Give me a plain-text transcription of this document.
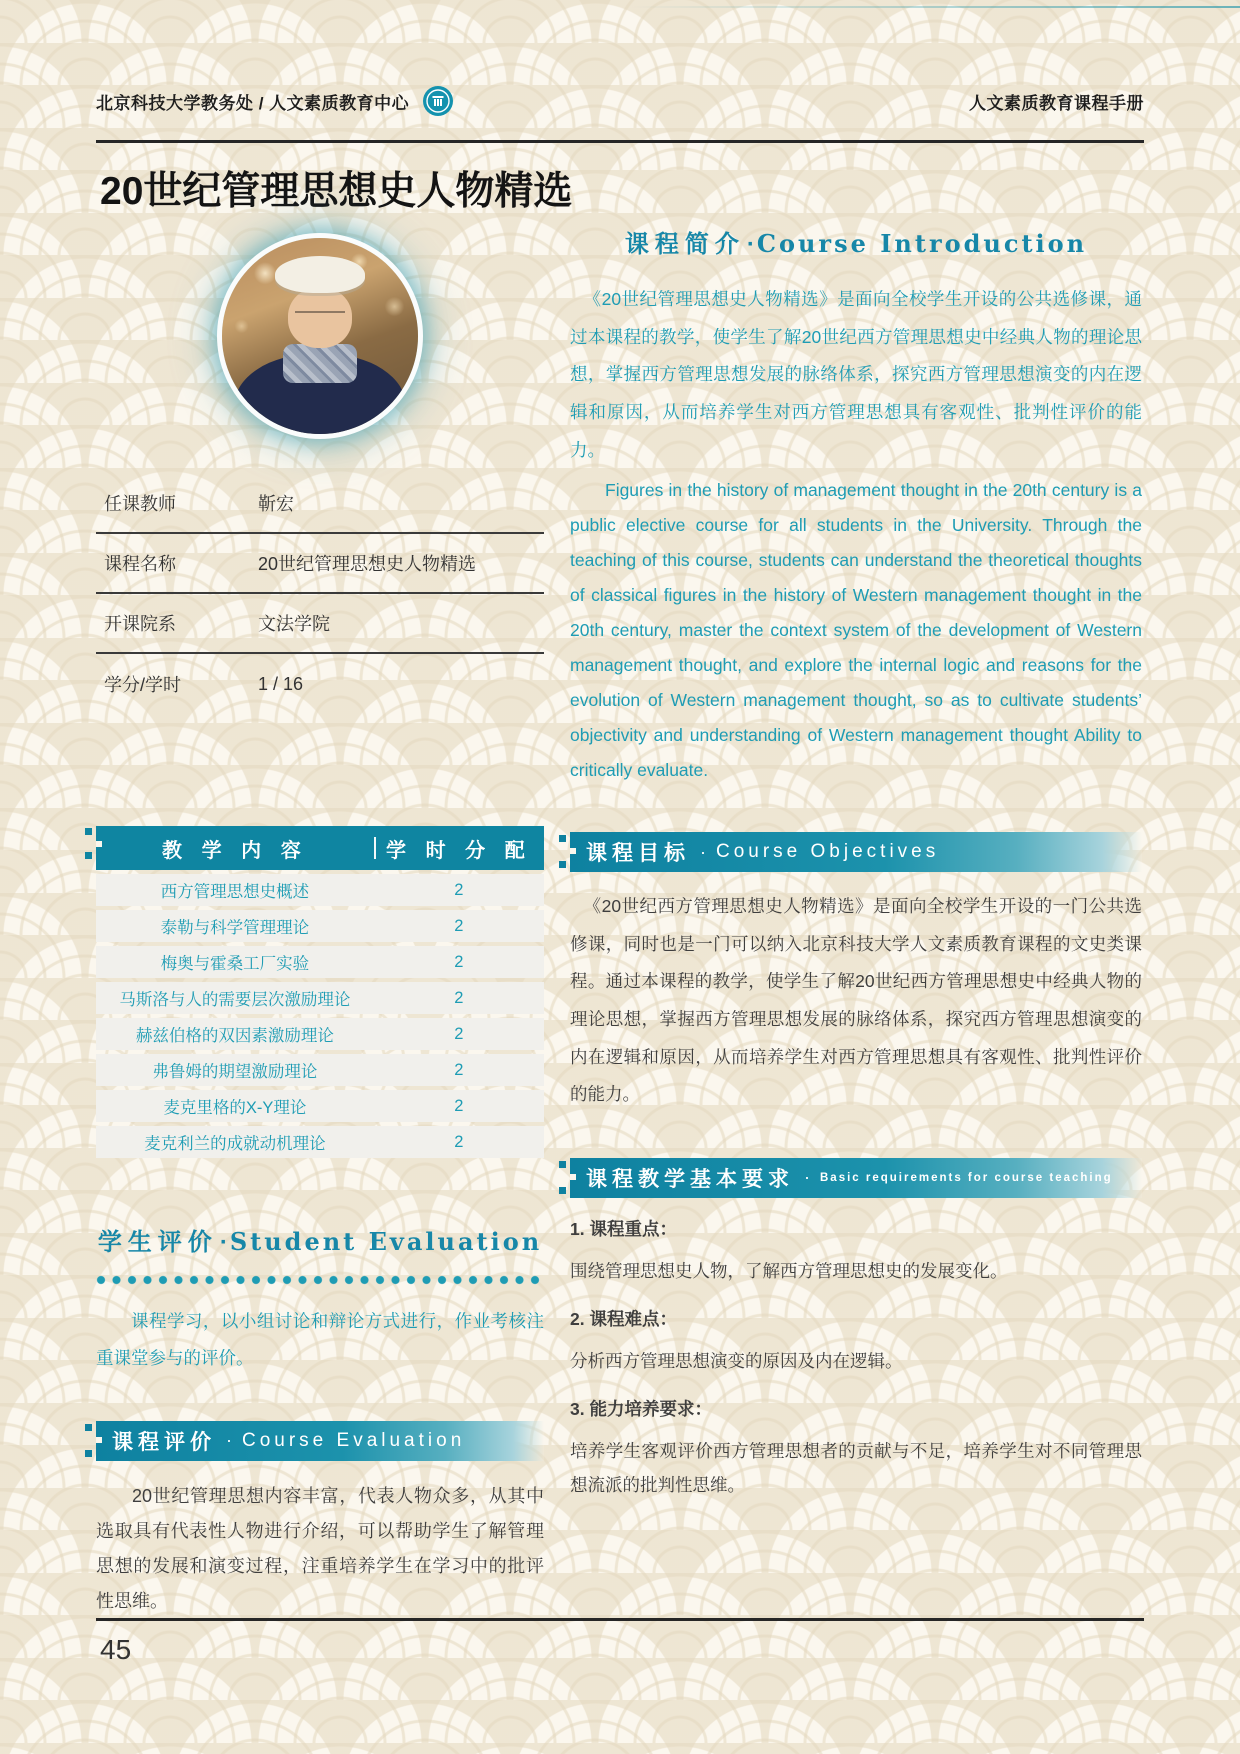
北京科技大学教务处 / 人文素质教育中心	人文素质教育课程手册
20世纪管理思想史人物精选
任课教师	靳宏
课程名称	20世纪管理思想史人物精选
开课院系	文法学院
学分/学时	1 / 16
教 学 内 容	学 时 分 配
西方管理思想史概述	2
泰勒与科学管理理论	2
梅奥与霍桑工厂实验	2
马斯洛与人的需要层次激励理论	2
赫兹伯格的双因素激励理论	2
弗鲁姆的期望激励理论	2
麦克里格的X-Y理论	2
麦克利兰的成就动机理论	2
学生评价·Student Evaluation

课程学习，以小组讨论和辩论方式进行，作业考核注重课堂参与的评价。

课程评价 · Course Evaluation

20世纪管理思想内容丰富，代表人物众多，从其中选取具有代表性人物进行介绍，可以帮助学生了解管理思想的发展和演变过程，注重培养学生在学习中的批评性思维。

课程简介·Course Introduction

《20世纪管理思想史人物精选》是面向全校学生开设的公共选修课，通过本课程的教学，使学生了解20世纪西方管理思想史中经典人物的理论思想，掌握西方管理思想发展的脉络体系，探究西方管理思想演变的内在逻辑和原因，从而培养学生对西方管理思想具有客观性、批判性评价的能力。

Figures in the history of management thought in the 20th century is a public elective course for all students in the University. Through the teaching of this course, students can understand the theoretical thoughts of classical figures in the history of Western management thought in the 20th century, master the context system of the development of Western management thought, and explore the internal logic and reasons for the evolution of Western management thought, so as to cultivate students’ objectivity and understanding of Western management thought Ability to critically evaluate.

课程目标 · Course Objectives

《20世纪西方管理思想史人物精选》是面向全校学生开设的一门公共选修课，同时也是一门可以纳入北京科技大学人文素质教育课程的文史类课程。通过本课程的教学，使学生了解20世纪西方管理思想史中经典人物的理论思想，掌握西方管理思想发展的脉络体系，探究西方管理思想演变的内在逻辑和原因，从而培养学生对西方管理思想具有客观性、批判性评价的能力。

课程教学基本要求 · Basic requirements for course teaching
1. 课程重点：
围绕管理思想史人物，了解西方管理思想史的发展变化。
2. 课程难点：
分析西方管理思想演变的原因及内在逻辑。
3. 能力培养要求：
培养学生客观评价西方管理思想者的贡献与不足，培养学生对不同管理思想流派的批判性思维。
45
